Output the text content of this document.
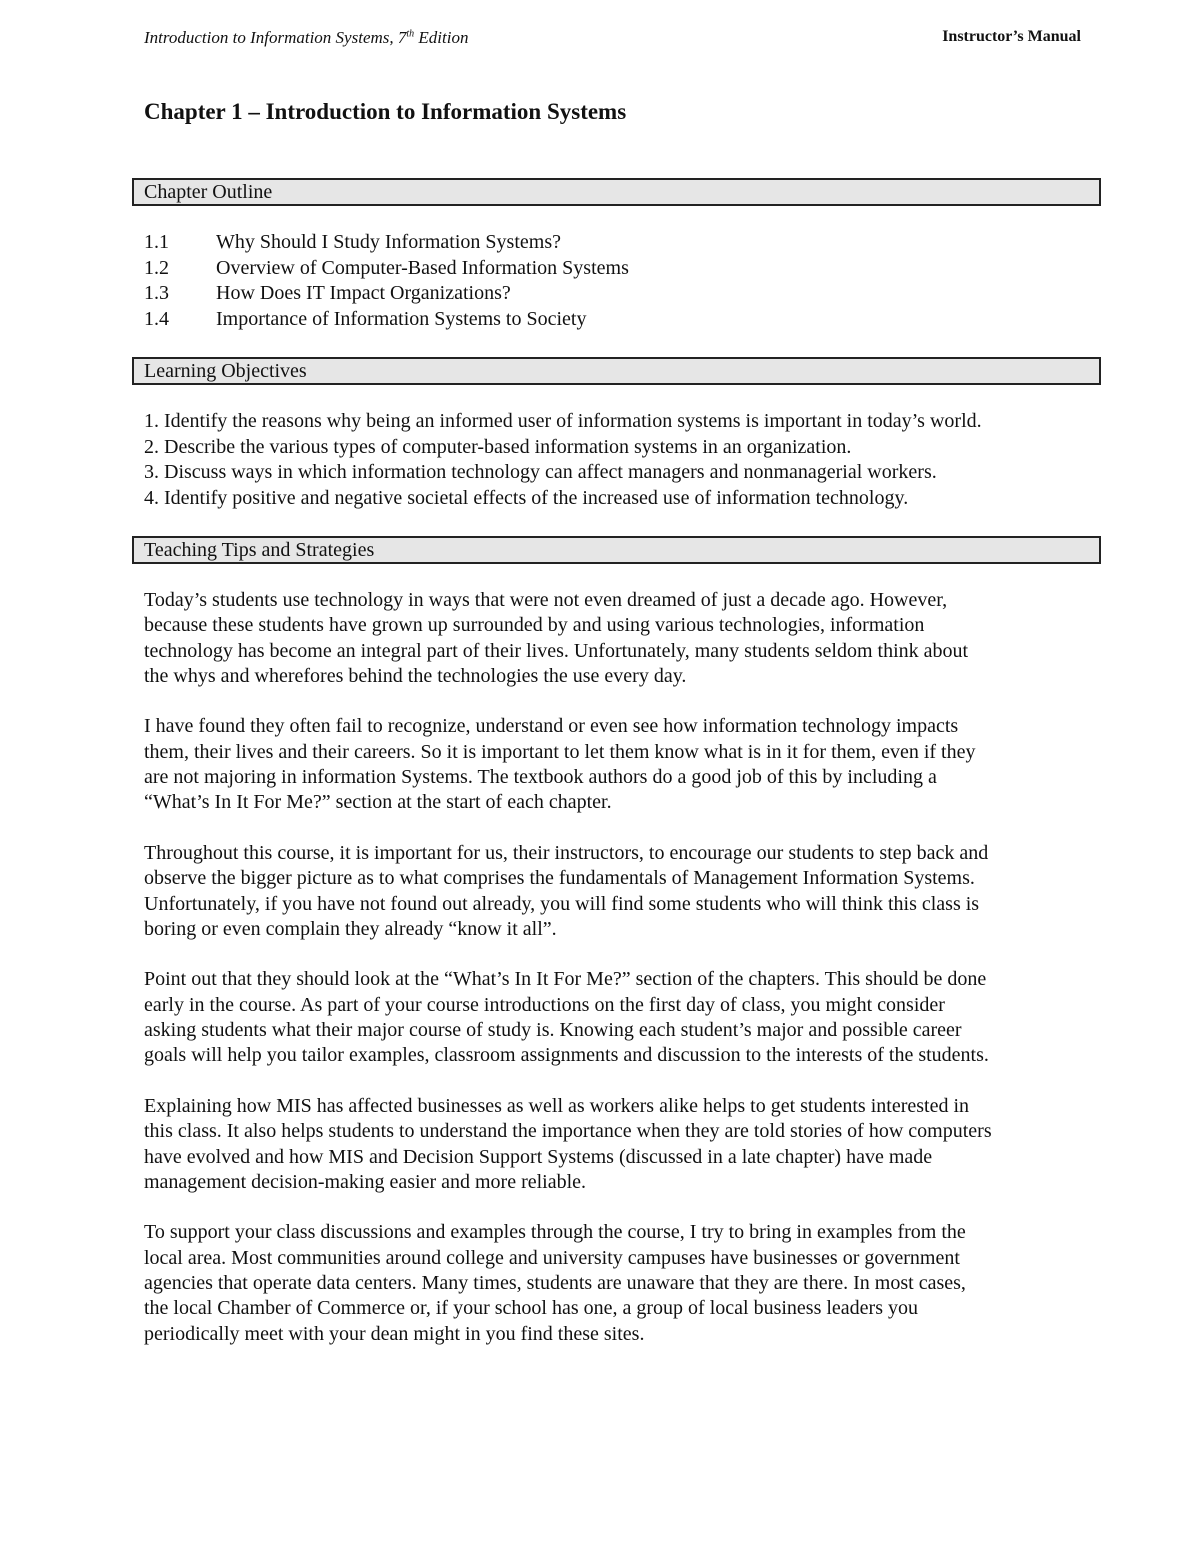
Introduction to Information Systems, 7th Edition	Instructor’s Manual
Chapter 1 – Introduction to Information Systems
Chapter Outline
1.1 Why Should I Study Information Systems?
1.2 Overview of Computer-Based Information Systems
1.3 How Does IT Impact Organizations?
1.4 Importance of Information Systems to Society
Learning Objectives
1. Identify the reasons why being an informed user of information systems is important in today’s world.
2. Describe the various types of computer-based information systems in an organization.
3. Discuss ways in which information technology can affect managers and nonmanagerial workers.
4. Identify positive and negative societal effects of the increased use of information technology.
Teaching Tips and Strategies

Today’s students use technology in ways that were not even dreamed of just a decade ago. However,
because these students have grown up surrounded by and using various technologies, information
technology has become an integral part of their lives. Unfortunately, many students seldom think about
the whys and wherefores behind the technologies the use every day.

I have found they often fail to recognize, understand or even see how information technology impacts
them, their lives and their careers. So it is important to let them know what is in it for them, even if they
are not majoring in information Systems. The textbook authors do a good job of this by including a
“What’s In It For Me?” section at the start of each chapter.

Throughout this course, it is important for us, their instructors, to encourage our students to step back and
observe the bigger picture as to what comprises the fundamentals of Management Information Systems.
Unfortunately, if you have not found out already, you will find some students who will think this class is
boring or even complain they already “know it all”.

Point out that they should look at the “What’s In It For Me?” section of the chapters. This should be done
early in the course. As part of your course introductions on the first day of class, you might consider
asking students what their major course of study is. Knowing each student’s major and possible career
goals will help you tailor examples, classroom assignments and discussion to the interests of the students.

Explaining how MIS has affected businesses as well as workers alike helps to get students interested in
this class. It also helps students to understand the importance when they are told stories of how computers
have evolved and how MIS and Decision Support Systems (discussed in a late chapter) have made
management decision-making easier and more reliable.

To support your class discussions and examples through the course, I try to bring in examples from the
local area. Most communities around college and university campuses have businesses or government
agencies that operate data centers. Many times, students are unaware that they are there. In most cases,
the local Chamber of Commerce or, if your school has one, a group of local business leaders you
periodically meet with your dean might in you find these sites.
